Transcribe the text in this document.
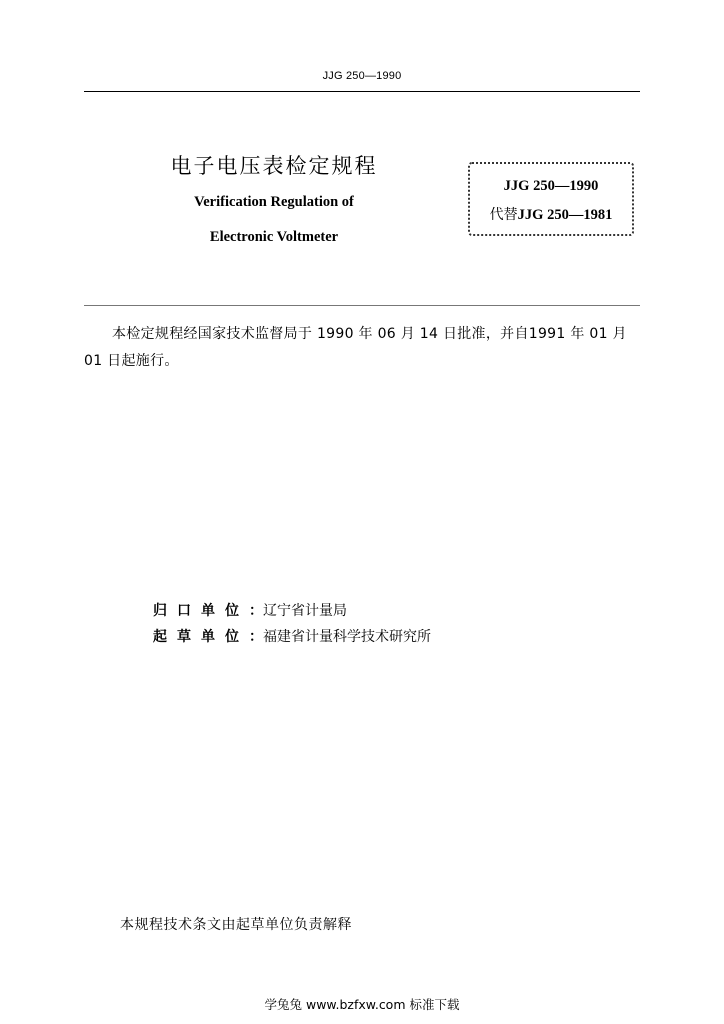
JJG 250—1990
电子电压表检定规程
Verification Regulation of
Electronic Voltmeter
JJG 250—1990
代替JJG 250—1981
本检定规程经国家技术监督局于 1990 年 06 月 14 日批准，并自1991 年 01 月 01 日起施行。
归口单位：辽宁省计量局
起草单位：福建省计量科学技术研究所
本规程技术条文由起草单位负责解释
学兔兔 www.bzfxw.com 标准下载
